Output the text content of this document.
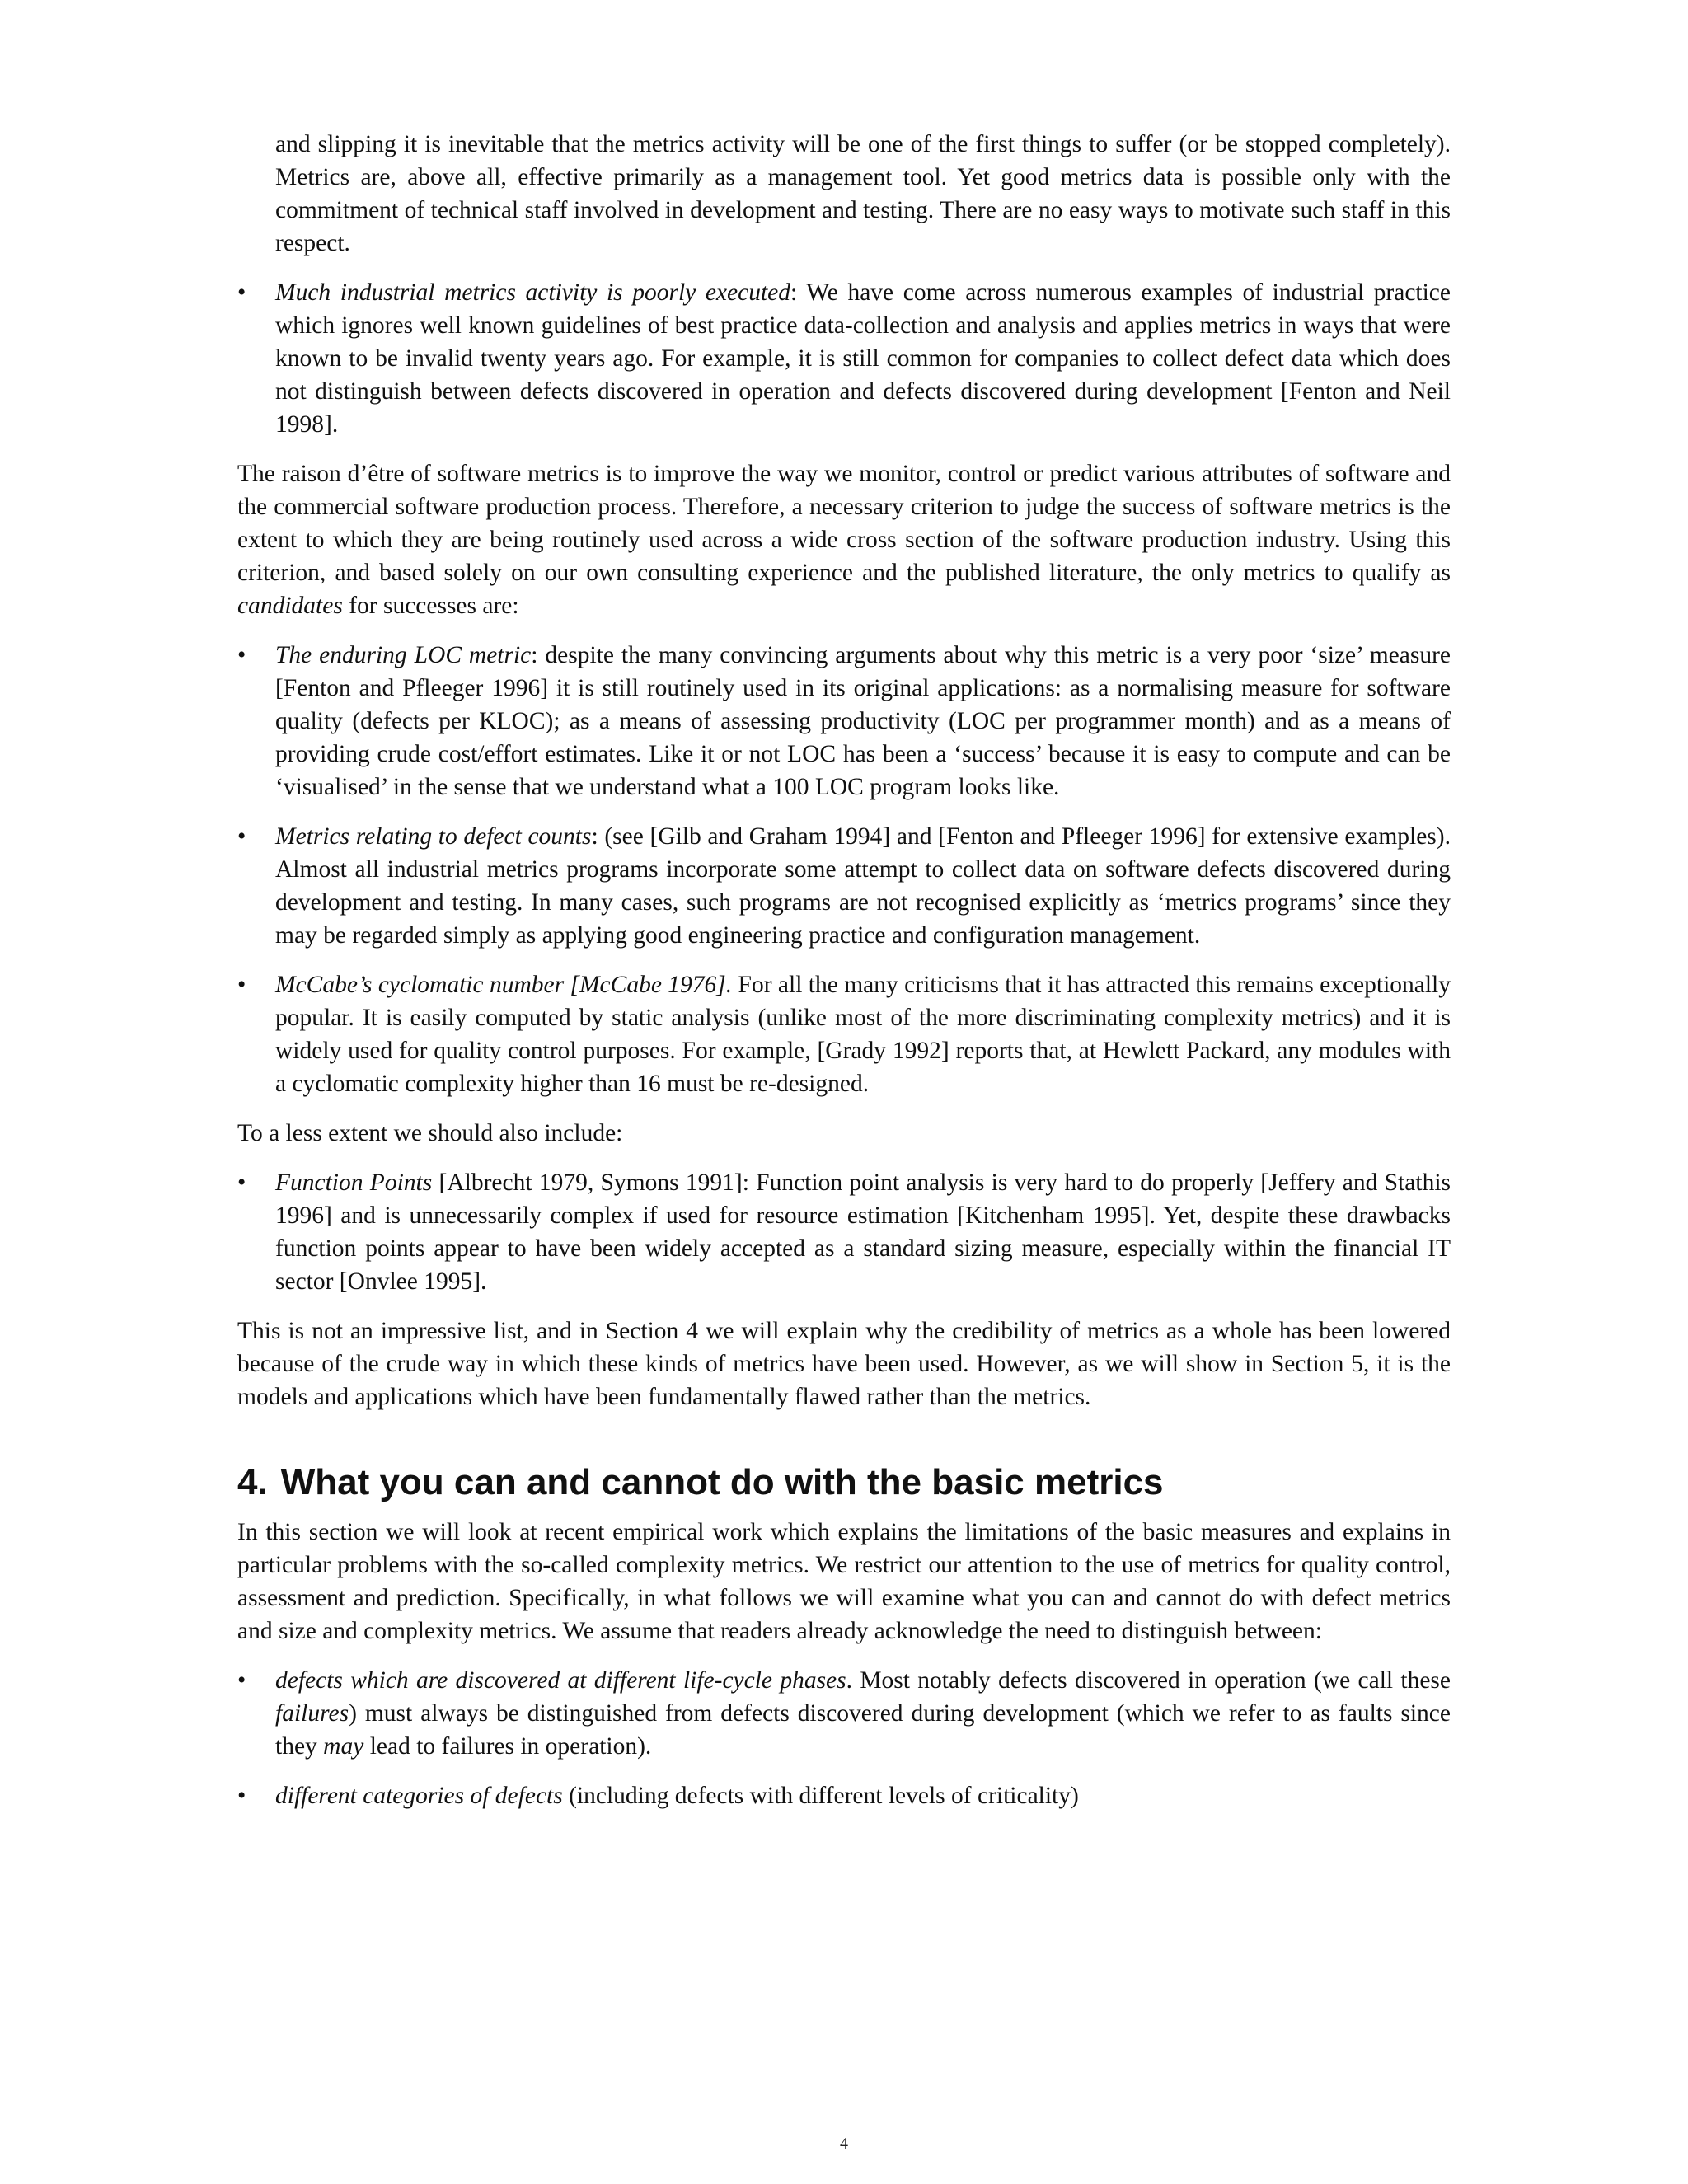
and slipping it is inevitable that the metrics activity will be one of the first things to suffer (or be stopped completely). Metrics are, above all, effective primarily as a management tool. Yet good metrics data is possible only with the commitment of technical staff involved in development and testing. There are no easy ways to motivate such staff in this respect.

•	Much industrial metrics activity is poorly executed: We have come across numerous examples of industrial practice which ignores well known guidelines of best practice data-collection and analysis and applies metrics in ways that were known to be invalid twenty years ago. For example, it is still common for companies to collect defect data which does not distinguish between defects discovered in operation and defects discovered during development [Fenton and Neil 1998].

The raison d’être of software metrics is to improve the way we monitor, control or predict various attributes of software and the commercial software production process. Therefore, a necessary criterion to judge the success of software metrics is the extent to which they are being routinely used across a wide cross section of the software production industry. Using this criterion, and based solely on our own consulting experience and the published literature, the only metrics to qualify as candidates for successes are:

•	The enduring LOC metric: despite the many convincing arguments about why this metric is a very poor ‘size’ measure [Fenton and Pfleeger 1996] it is still routinely used in its original applications: as a normalising measure for software quality (defects per KLOC); as a means of assessing productivity (LOC per programmer month) and as a means of providing crude cost/effort estimates. Like it or not LOC has been a ‘success’ because it is easy to compute and can be ‘visualised’ in the sense that we understand what a 100 LOC program looks like.
•	Metrics relating to defect counts: (see [Gilb and Graham 1994] and [Fenton and Pfleeger 1996] for extensive examples). Almost all industrial metrics programs incorporate some attempt to collect data on software defects discovered during development and testing. In many cases, such programs are not recognised explicitly as ‘metrics programs’ since they may be regarded simply as applying good engineering practice and configuration management.
•	McCabe’s cyclomatic number [McCabe 1976]. For all the many criticisms that it has attracted this remains exceptionally popular. It is easily computed by static analysis (unlike most of the more discriminating complexity metrics) and it is widely used for quality control purposes. For example, [Grady 1992] reports that, at Hewlett Packard, any modules with a cyclomatic complexity higher than 16 must be re-designed.

To a less extent we should also include:

•	Function Points [Albrecht 1979, Symons 1991]: Function point analysis is very hard to do properly [Jeffery and Stathis 1996] and is unnecessarily complex if used for resource estimation [Kitchenham 1995]. Yet, despite these drawbacks function points appear to have been widely accepted as a standard sizing measure, especially within the financial IT sector [Onvlee 1995].

This is not an impressive list, and in Section 4 we will explain why the credibility of metrics as a whole has been lowered because of the crude way in which these kinds of metrics have been used. However, as we will show in Section 5, it is the models and applications which have been fundamentally flawed rather than the metrics.

4. What you can and cannot do with the basic metrics

In this section we will look at recent empirical work which explains the limitations of the basic measures and explains in particular problems with the so-called complexity metrics. We restrict our attention to the use of metrics for quality control, assessment and prediction. Specifically, in what follows we will examine what you can and cannot do with defect metrics and size and complexity metrics. We assume that readers already acknowledge the need to distinguish between:

•	defects which are discovered at different life-cycle phases. Most notably defects discovered in operation (we call these failures) must always be distinguished from defects discovered during development (which we refer to as faults since they may lead to failures in operation).
•	different categories of defects (including defects with different levels of criticality)
4
